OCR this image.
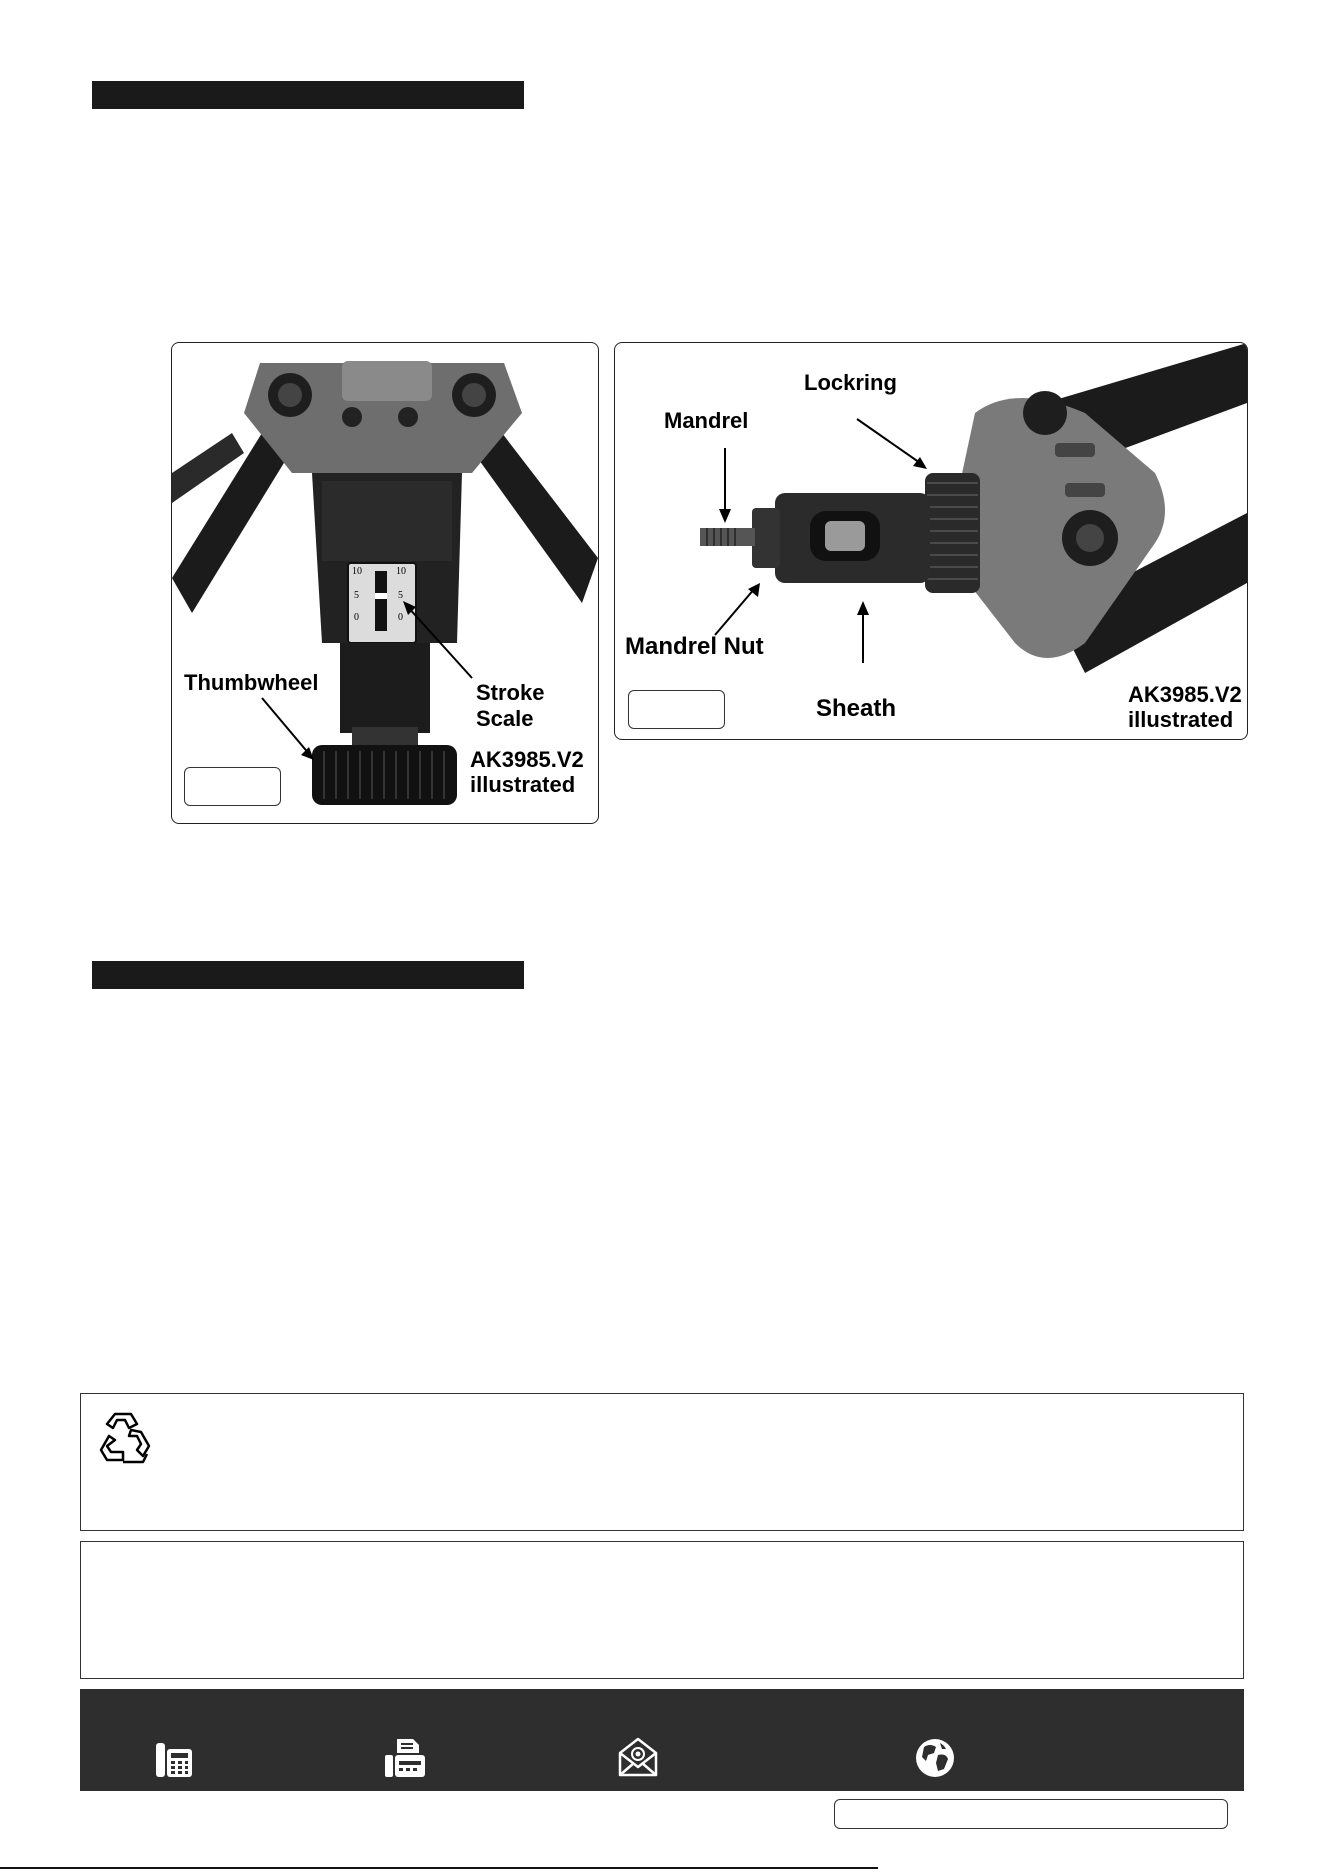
10
5
0
10
5
0
Thumbwheel	Stroke
Scale
AK3985.V2
illustrated
Lockring
Mandrel
Mandrel Nut
Sheath
AK3985.V2
illustrated
